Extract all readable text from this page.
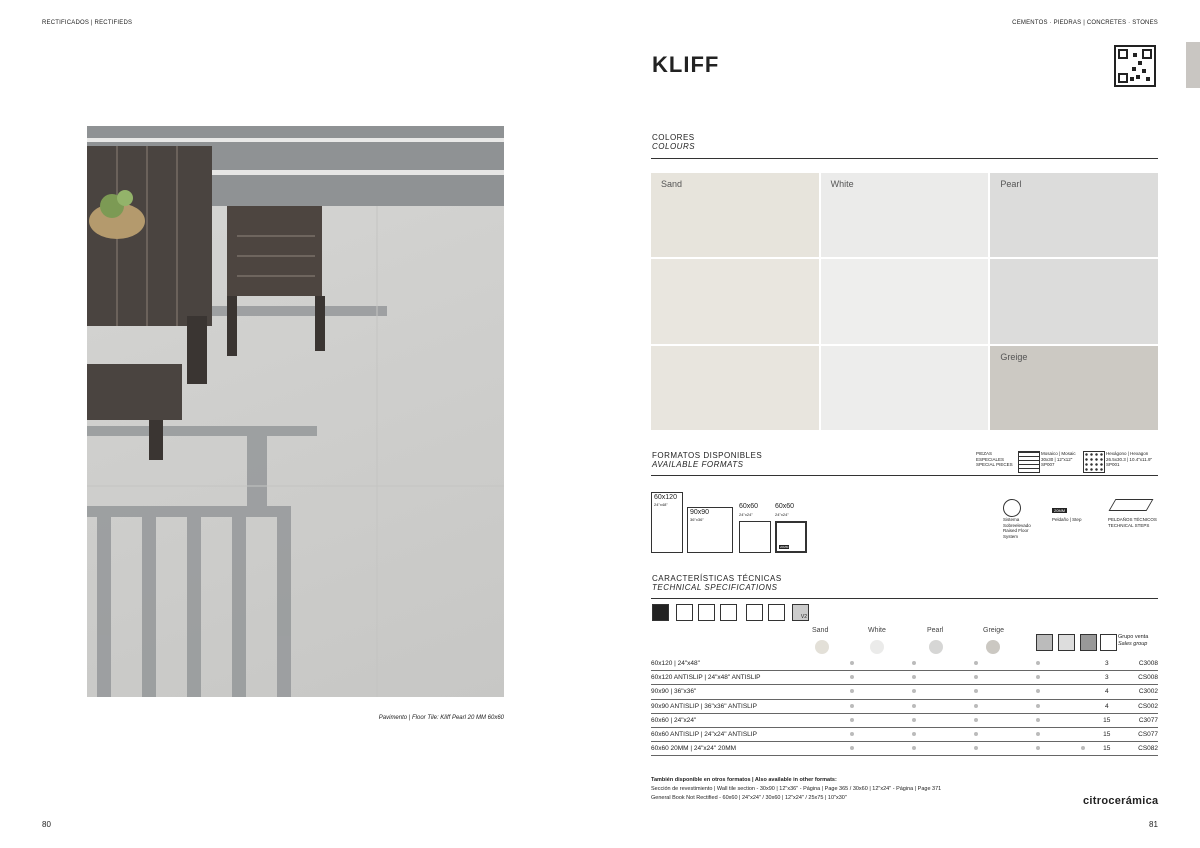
RECTIFICADOS | RECTIFIEDS	CEMENTOS · PIEDRAS | CONCRETES · STONES
Pavimento | Floor Tile: Kliff Pearl 20 MM 60x60
80	81
KLIFF
COLORES
COLOURS
Sand	White	Pearl
Greige
FORMATOS DISPONIBLES
AVAILABLE FORMATS
PIEZAS ESPECIALES SPECIAL PIECES
Mosaico | Mosaic 30x30 | 12"x12" SP007
Hexágono | Hexagon 26.5x30.3 | 10.4"x11.9" SP001
60x120
24"x48"
90x90
36"x36"
60x60
24"x24"
60x60
24"x24"
20MM
Sistema Sobreelevado Raised Floor System
20MM
Peldaño | Step	PELDAÑOS TÉCNICOS TECHNICAL STEPS
CARACTERÍSTICAS TÉCNICAS
TECHNICAL SPECIFICATIONS
V2
Sand	White	Pearl	Greige
Grupo venta
Sales group
60x120 | 24"x48"						3	C3008
60x120 ANTISLIP | 24"x48" ANTISLIP						3	CS008
90x90 | 36"x36"						4	C3002
90x90 ANTISLIP | 36"x36" ANTISLIP						4	CS002
60x60 | 24"x24"						15	C3077
60x60 ANTISLIP | 24"x24" ANTISLIP						15	CS077
60x60 20MM | 24"x24" 20MM						15	CS082
También disponible en otros formatos | Also available in other formats:
Sección de revestimiento | Wall tile section - 30x90 | 12"x36" - Página | Page 365 / 30x60 | 12"x24" - Página | Page 371
General Book Not Rectified - 60x60 | 24"x24" / 30x60 | 12"x24" / 25x75 | 10"x30"	citrocerámica
